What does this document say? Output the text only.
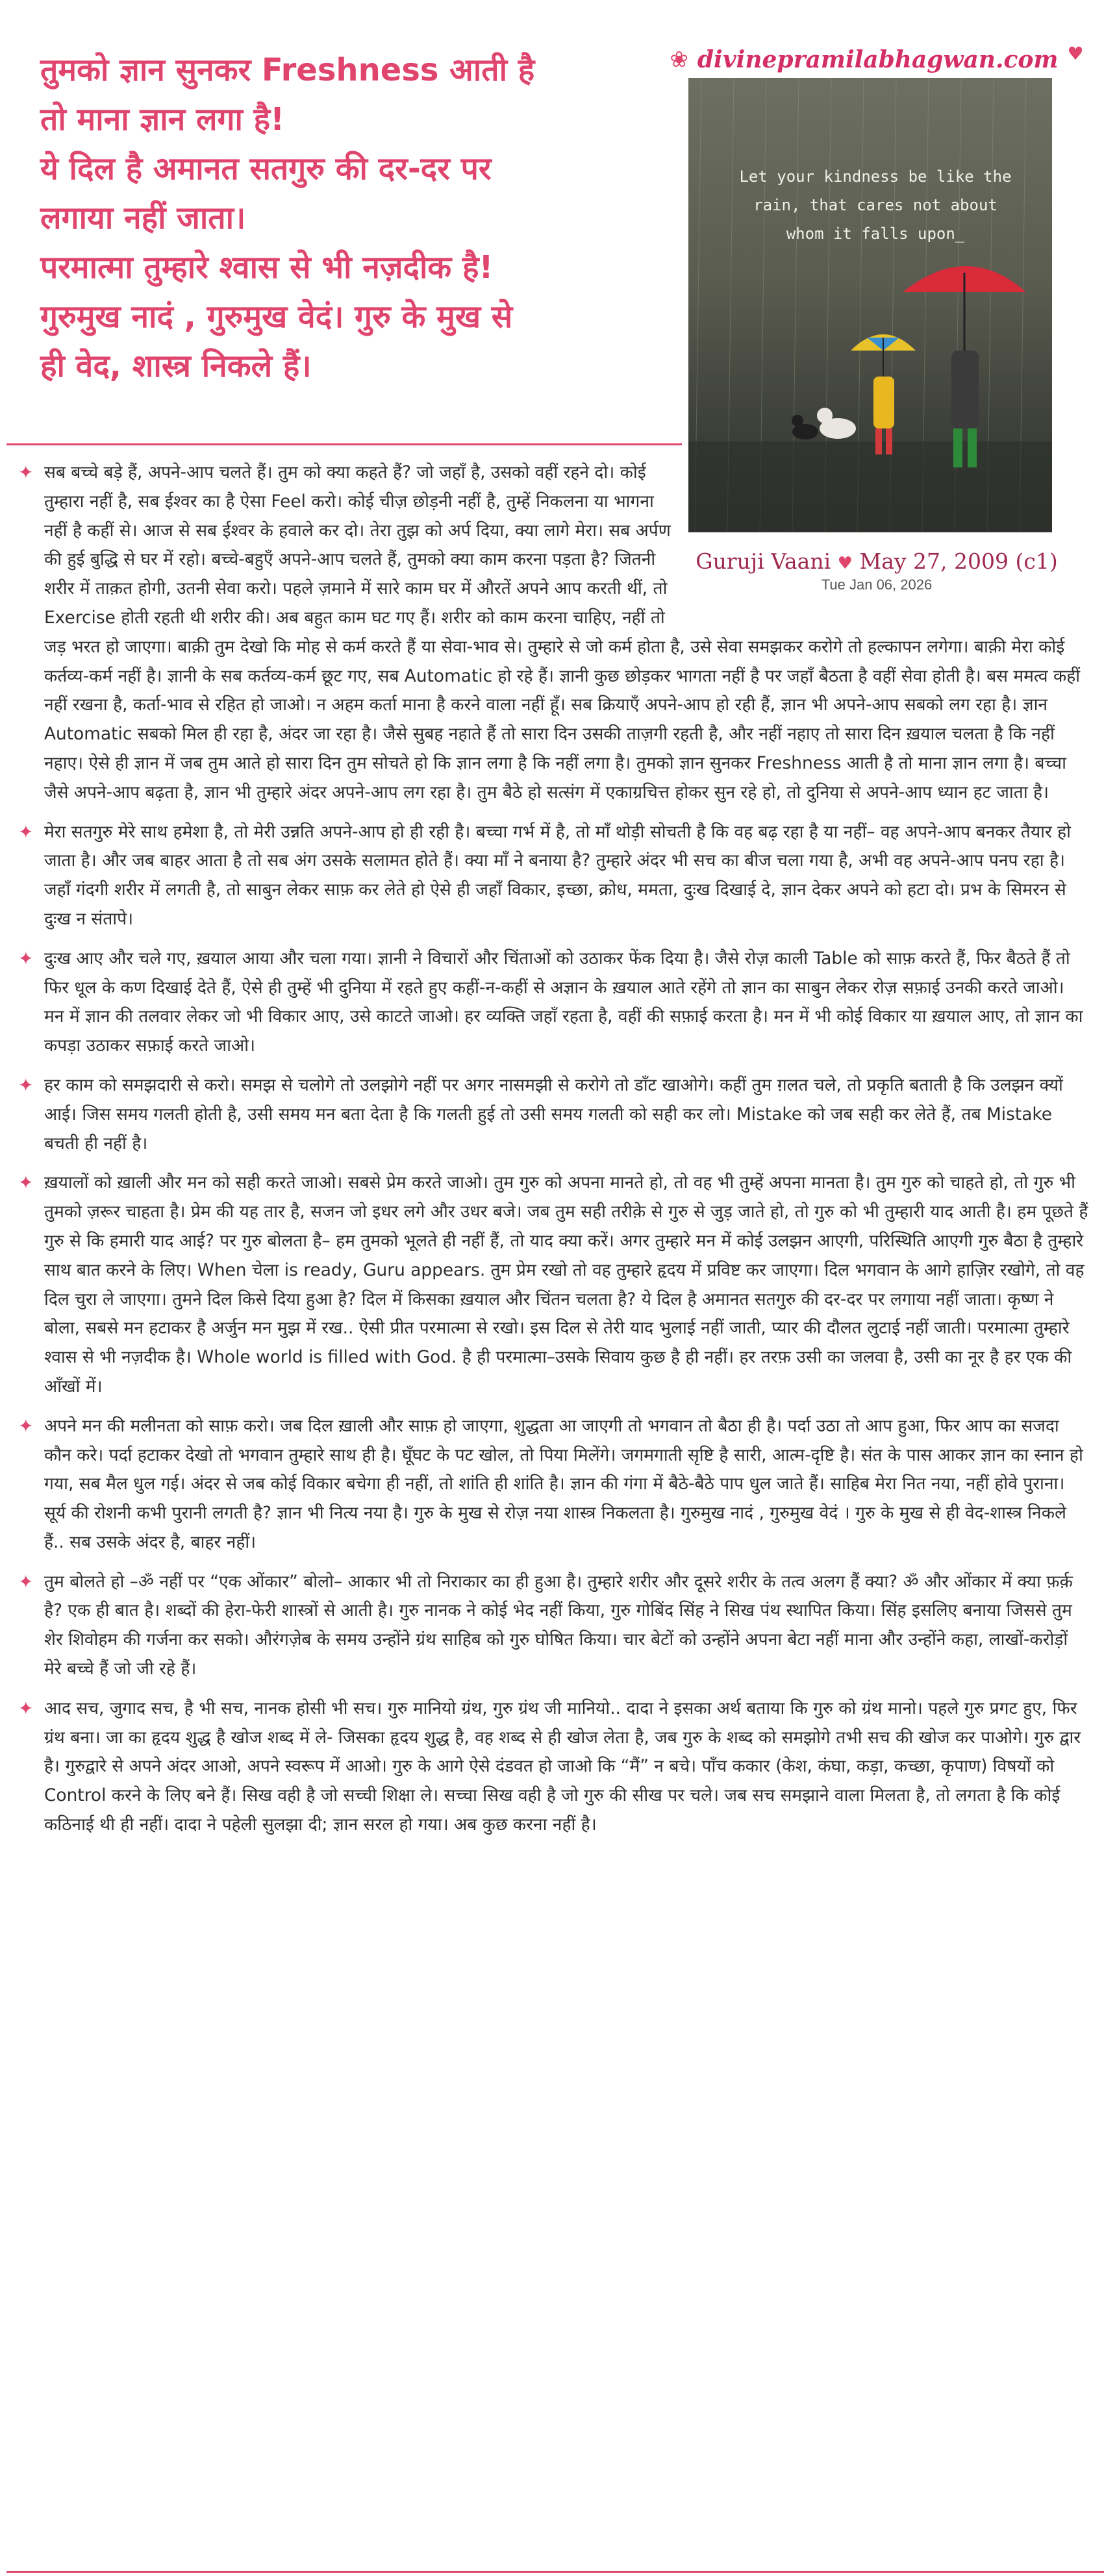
तुमको ज्ञान सुनकर Freshness आती है

तो माना ज्ञान लगा है!

ये दिल है अमानत सतगुरु की दर-दर पर

लगाया नहीं जाता।

परमात्मा तुम्हारे श्वास से भी नज़दीक है!

गुरुमुख नादं , गुरुमुख वेदं। गुरु के मुख से

ही वेद, शास्त्र निकले हैं।

❀ divinepramilabhagwan.com ♥
Let your kindness be like the
rain, that cares not about
whom it falls upon_
Guruji Vaani ♥ May 27, 2009 (c1)
Tue Jan 06, 2026
✦ सब बच्चे बड़े हैं, अपने-आप चलते हैं। तुम को क्या कहते हैं? जो जहाँ है, उसको वहीं रहने दो। कोई तुम्हारा नहीं है, सब ईश्वर का है ऐसा Feel करो। कोई चीज़ छोड़नी नहीं है, तुम्हें निकलना या भागना नहीं है कहीं से। आज से सब ईश्वर के हवाले कर दो। तेरा तुझ को अर्प दिया, क्या लागे मेरा। सब अर्पण की हुई बुद्धि से घर में रहो। बच्चे-बहुएँ अपने-आप चलते हैं, तुमको क्या काम करना पड़ता है? जितनी शरीर में ताक़त होगी, उतनी सेवा करो। पहले ज़माने में सारे काम घर में औरतें अपने आप करती थीं, तो Exercise होती रहती थी शरीर की। अब बहुत काम घट गए हैं। शरीर को काम करना चाहिए, नहीं तो जड़ भरत हो जाएगा। बाक़ी तुम देखो कि मोह से कर्म करते हैं या सेवा-भाव से। तुम्हारे से जो कर्म होता है, उसे सेवा समझकर करोगे तो हल्कापन लगेगा। बाक़ी मेरा कोई कर्तव्य-कर्म नहीं है। ज्ञानी के सब कर्तव्य-कर्म छूट गए, सब Automatic हो रहे हैं। ज्ञानी कुछ छोड़कर भागता नहीं है पर जहाँ बैठता है वहीं सेवा होती है। बस ममत्व कहीं नहीं रखना है, कर्ता-भाव से रहित हो जाओ। न अहम कर्ता माना है करने वाला नहीं हूँ। सब क्रियाएँ अपने-आप हो रही हैं, ज्ञान भी अपने-आप सबको लग रहा है। ज्ञान Automatic सबको मिल ही रहा है, अंदर जा रहा है। जैसे सुबह नहाते हैं तो सारा दिन उसकी ताज़गी रहती है, और नहीं नहाए तो सारा दिन ख़याल चलता है कि नहीं नहाए। ऐसे ही ज्ञान में जब तुम आते हो सारा दिन तुम सोचते हो कि ज्ञान लगा है कि नहीं लगा है। तुमको ज्ञान सुनकर Freshness आती है तो माना ज्ञान लगा है। बच्चा जैसे अपने-आप बढ़ता है, ज्ञान भी तुम्हारे अंदर अपने-आप लग रहा है। तुम बैठे हो सत्संग में एकाग्रचित्त होकर सुन रहे हो, तो दुनिया से अपने-आप ध्यान हट जाता है।
✦ मेरा सतगुरु मेरे साथ हमेशा है, तो मेरी उन्नति अपने-आप हो ही रही है। बच्चा गर्भ में है, तो माँ थोड़ी सोचती है कि वह बढ़ रहा है या नहीं– वह अपने-आप बनकर तैयार हो जाता है। और जब बाहर आता है तो सब अंग उसके सलामत होते हैं। क्या माँ ने बनाया है? तुम्हारे अंदर भी सच का बीज चला गया है, अभी वह अपने-आप पनप रहा है। जहाँ गंदगी शरीर में लगती है, तो साबुन लेकर साफ़ कर लेते हो ऐसे ही जहाँ विकार, इच्छा, क्रोध, ममता, दुःख दिखाई दे, ज्ञान देकर अपने को हटा दो। प्रभ के सिमरन से दुःख न संतापे।
✦ दुःख आए और चले गए, ख़याल आया और चला गया। ज्ञानी ने विचारों और चिंताओं को उठाकर फेंक दिया है। जैसे रोज़ काली Table को साफ़ करते हैं, फिर बैठते हैं तो फिर धूल के कण दिखाई देते हैं, ऐसे ही तुम्हें भी दुनिया में रहते हुए कहीं-न-कहीं से अज्ञान के ख़याल आते रहेंगे तो ज्ञान का साबुन लेकर रोज़ सफ़ाई उनकी करते जाओ। मन में ज्ञान की तलवार लेकर जो भी विकार आए, उसे काटते जाओ। हर व्यक्ति जहाँ रहता है, वहीं की सफ़ाई करता है। मन में भी कोई विकार या ख़याल आए, तो ज्ञान का कपड़ा उठाकर सफ़ाई करते जाओ।
✦ हर काम को समझदारी से करो। समझ से चलोगे तो उलझोगे नहीं पर अगर नासमझी से करोगे तो डाँट खाओगे। कहीं तुम ग़लत चले, तो प्रकृति बताती है कि उलझन क्यों आई। जिस समय गलती होती है, उसी समय मन बता देता है कि गलती हुई तो उसी समय गलती को सही कर लो। Mistake को जब सही कर लेते हैं, तब Mistake बचती ही नहीं है।
✦ ख़यालों को ख़ाली और मन को सही करते जाओ। सबसे प्रेम करते जाओ। तुम गुरु को अपना मानते हो, तो वह भी तुम्हें अपना मानता है। तुम गुरु को चाहते हो, तो गुरु भी तुमको ज़रूर चाहता है। प्रेम की यह तार है, सजन जो इधर लगे और उधर बजे। जब तुम सही तरीक़े से गुरु से जुड़ जाते हो, तो गुरु को भी तुम्हारी याद आती है। हम पूछते हैं गुरु से कि हमारी याद आई? पर गुरु बोलता है– हम तुमको भूलते ही नहीं हैं, तो याद क्या करें। अगर तुम्हारे मन में कोई उलझन आएगी, परिस्थिति आएगी गुरु बैठा है तुम्हारे साथ बात करने के लिए। When चेला is ready, Guru appears. तुम प्रेम रखो तो वह तुम्हारे हृदय में प्रविष्ट कर जाएगा। दिल भगवान के आगे हाज़िर रखोगे, तो वह दिल चुरा ले जाएगा। तुमने दिल किसे दिया हुआ है? दिल में किसका ख़याल और चिंतन चलता है? ये दिल है अमानत सतगुरु की दर-दर पर लगाया नहीं जाता। कृष्ण ने बोला, सबसे मन हटाकर है अर्जुन मन मुझ में रख.. ऐसी प्रीत परमात्मा से रखो। इस दिल से तेरी याद भुलाई नहीं जाती, प्यार की दौलत लुटाई नहीं जाती। परमात्मा तुम्हारे श्वास से भी नज़दीक है। Whole world is filled with God. है ही परमात्मा–उसके सिवाय कुछ है ही नहीं। हर तरफ़ उसी का जलवा है, उसी का नूर है हर एक की आँखों में।
✦ अपने मन की मलीनता को साफ़ करो। जब दिल ख़ाली और साफ़ हो जाएगा, शुद्धता आ जाएगी तो भगवान तो बैठा ही है। पर्दा उठा तो आप हुआ, फिर आप का सजदा कौन करे। पर्दा हटाकर देखो तो भगवान तुम्हारे साथ ही है। घूँघट के पट खोल, तो पिया मिलेंगे। जगमगाती सृष्टि है सारी, आत्म-दृष्टि है। संत के पास आकर ज्ञान का स्नान हो गया, सब मैल धुल गई। अंदर से जब कोई विकार बचेगा ही नहीं, तो शांति ही शांति है। ज्ञान की गंगा में बैठे-बैठे पाप धुल जाते हैं। साहिब मेरा नित नया, नहीं होवे पुराना। सूर्य की रोशनी कभी पुरानी लगती है? ज्ञान भी नित्य नया है। गुरु के मुख से रोज़ नया शास्त्र निकलता है। गुरुमुख नादं , गुरुमुख वेदं । गुरु के मुख से ही वेद-शास्त्र निकले हैं.. सब उसके अंदर है, बाहर नहीं।
✦ तुम बोलते हो –ॐ नहीं पर “एक ओंकार” बोलो– आकार भी तो निराकार का ही हुआ है। तुम्हारे शरीर और दूसरे शरीर के तत्व अलग हैं क्या? ॐ और ओंकार में क्या फ़र्क़ है? एक ही बात है। शब्दों की हेरा-फेरी शास्त्रों से आती है। गुरु नानक ने कोई भेद नहीं किया, गुरु गोबिंद सिंह ने सिख पंथ स्थापित किया। सिंह इसलिए बनाया जिससे तुम शेर शिवोहम की गर्जना कर सको। औरंगज़ेब के समय उन्होंने ग्रंथ साहिब को गुरु घोषित किया। चार बेटों को उन्होंने अपना बेटा नहीं माना और उन्होंने कहा, लाखों-करोड़ों मेरे बच्चे हैं जो जी रहे हैं।
✦ आद सच, जुगाद सच, है भी सच, नानक होसी भी सच। गुरु मानियो ग्रंथ, गुरु ग्रंथ जी मानियो.. दादा ने इसका अर्थ बताया कि गुरु को ग्रंथ मानो। पहले गुरु प्रगट हुए, फिर ग्रंथ बना। जा का हृदय शुद्ध है खोज शब्द में ले- जिसका हृदय शुद्ध है, वह शब्द से ही खोज लेता है, जब गुरु के शब्द को समझोगे तभी सच की खोज कर पाओगे। गुरु द्वार है। गुरुद्वारे से अपने अंदर आओ, अपने स्वरूप में आओ। गुरु के आगे ऐसे दंडवत हो जाओ कि “मैं” न बचे। पाँच ककार (केश, कंघा, कड़ा, कच्छा, कृपाण) विषयों को Control करने के लिए बने हैं। सिख वही है जो सच्ची शिक्षा ले। सच्चा सिख वही है जो गुरु की सीख पर चले। जब सच समझाने वाला मिलता है, तो लगता है कि कोई कठिनाई थी ही नहीं। दादा ने पहेली सुलझा दी; ज्ञान सरल हो गया। अब कुछ करना नहीं है।
